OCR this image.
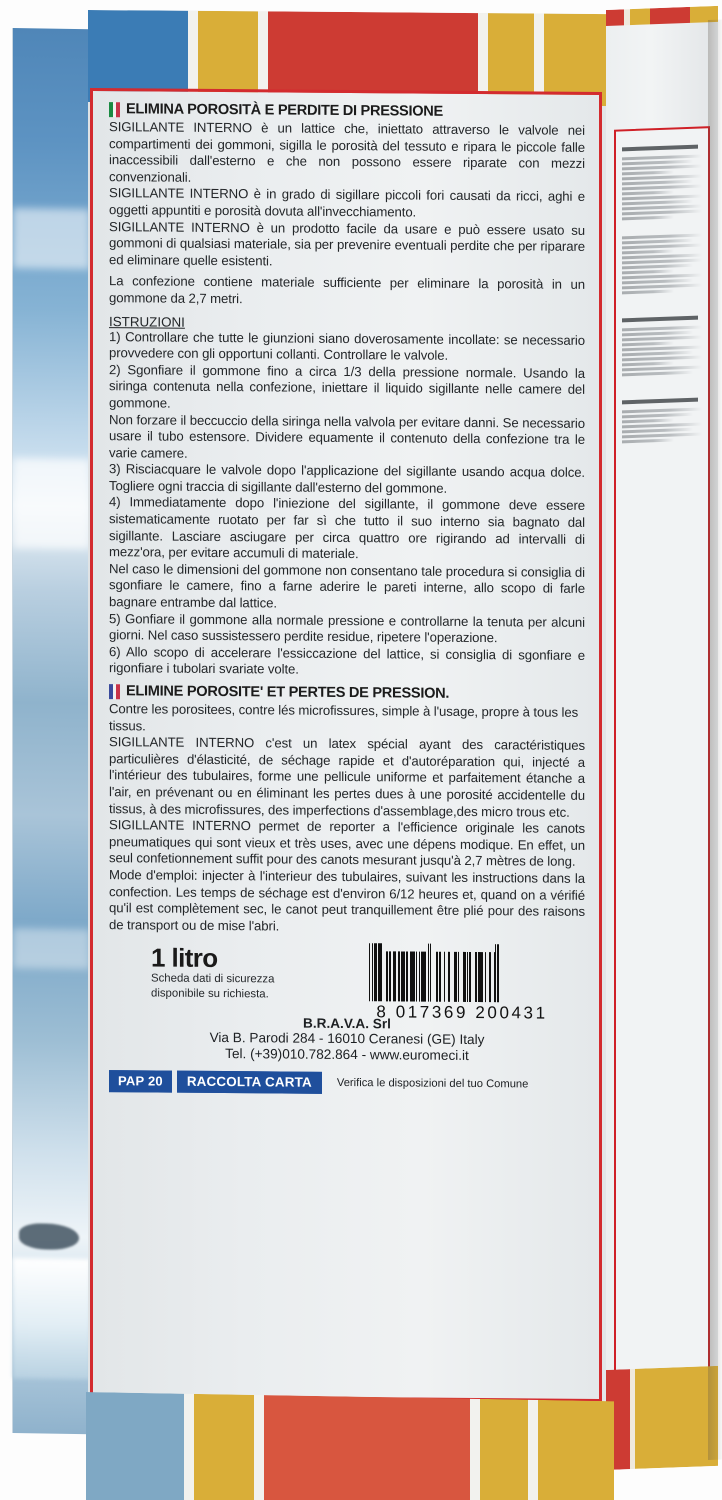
ELIMINA POROSITÀ E PERDITE DI PRESSIONE

SIGILLANTE INTERNO è un lattice che, iniettato attraverso le valvole nei compartimenti dei gommoni, sigilla le porosità del tessuto e ripara le piccole falle inaccessibili dall'esterno e che non possono essere riparate con mezzi convenzionali.

SIGILLANTE INTERNO è in grado di sigillare piccoli fori causati da ricci, aghi e oggetti appuntiti e porosità dovuta all'invecchiamento.

SIGILLANTE INTERNO è un prodotto facile da usare e può essere usato su gommoni di qualsiasi materiale, sia per prevenire eventuali perdite che per riparare ed eliminare quelle esistenti.

La confezione contiene materiale sufficiente per eliminare la porosità in un gommone da 2,7 metri.

ISTRUZIONI

1) Controllare che tutte le giunzioni siano doverosamente incollate: se necessario provvedere con gli opportuni collanti. Controllare le valvole.

2) Sgonfiare il gommone fino a circa 1/3 della pressione normale. Usando la siringa contenuta nella confezione, iniettare il liquido sigillante nelle camere del gommone.

Non forzare il beccuccio della siringa nella valvola per evitare danni. Se necessario usare il tubo estensore. Dividere equamente il contenuto della confezione tra le varie camere.

3) Risciacquare le valvole dopo l'applicazione del sigillante usando acqua dolce. Togliere ogni traccia di sigillante dall'esterno del gommone.

4) Immediatamente dopo l'iniezione del sigillante, il gommone deve essere sistematicamente ruotato per far sì che tutto il suo interno sia bagnato dal sigillante. Lasciare asciugare per circa quattro ore rigirando ad intervalli di mezz'ora, per evitare accumuli di materiale.

Nel caso le dimensioni del gommone non consentano tale procedura si consiglia di sgonfiare le camere, fino a farne aderire le pareti interne, allo scopo di farle bagnare entrambe dal lattice.

5) Gonfiare il gommone alla normale pressione e controllarne la tenuta per alcuni giorni. Nel caso sussistessero perdite residue, ripetere l'operazione.

6) Allo scopo di accelerare l'essiccazione del lattice, si consiglia di sgonfiare e rigonfiare i tubolari svariate volte.

ELIMINE POROSITE' ET PERTES DE PRESSION.

Contre les porositees, contre lés microfissures, simple à l'usage, propre à tous les tissus.

SIGILLANTE INTERNO c'est un latex spécial ayant des caractéristiques particulières d'élasticité, de séchage rapide et d'autoréparation qui, injecté a l'intérieur des tubulaires, forme une pellicule uniforme et parfaitement étanche a l'air, en prévenant ou en éliminant les pertes dues à une porosité accidentelle du tissus, à des microfissures, des imperfections d'assemblage,des micro trous etc.

SIGILLANTE INTERNO permet de reporter a l'efficience originale les canots pneumatiques qui sont vieux et très uses, avec une dépens modique. En effet, un seul confetionnement suffit pour des canots mesurant jusqu'à 2,7 mètres de long.

Mode d'emploi: injecter à l'interieur des tubulaires, suivant les instructions dans la confection. Les temps de séchage est d'environ 6/12 heures et, quand on a vérifié qu'il est complètement sec, le canot peut tranquillement être plié pour des raisons de transport ou de mise l'abri.

8 017369 200431
1 litro
Scheda dati di sicurezza
disponibile su richiesta.
B.R.A.V.A. Srl
Via B. Parodi 284 - 16010 Ceranesi (GE) Italy
Tel. (+39)010.782.864 - www.euromeci.it
PAP 20	RACCOLTA CARTA	Verifica le disposizioni del tuo Comune
